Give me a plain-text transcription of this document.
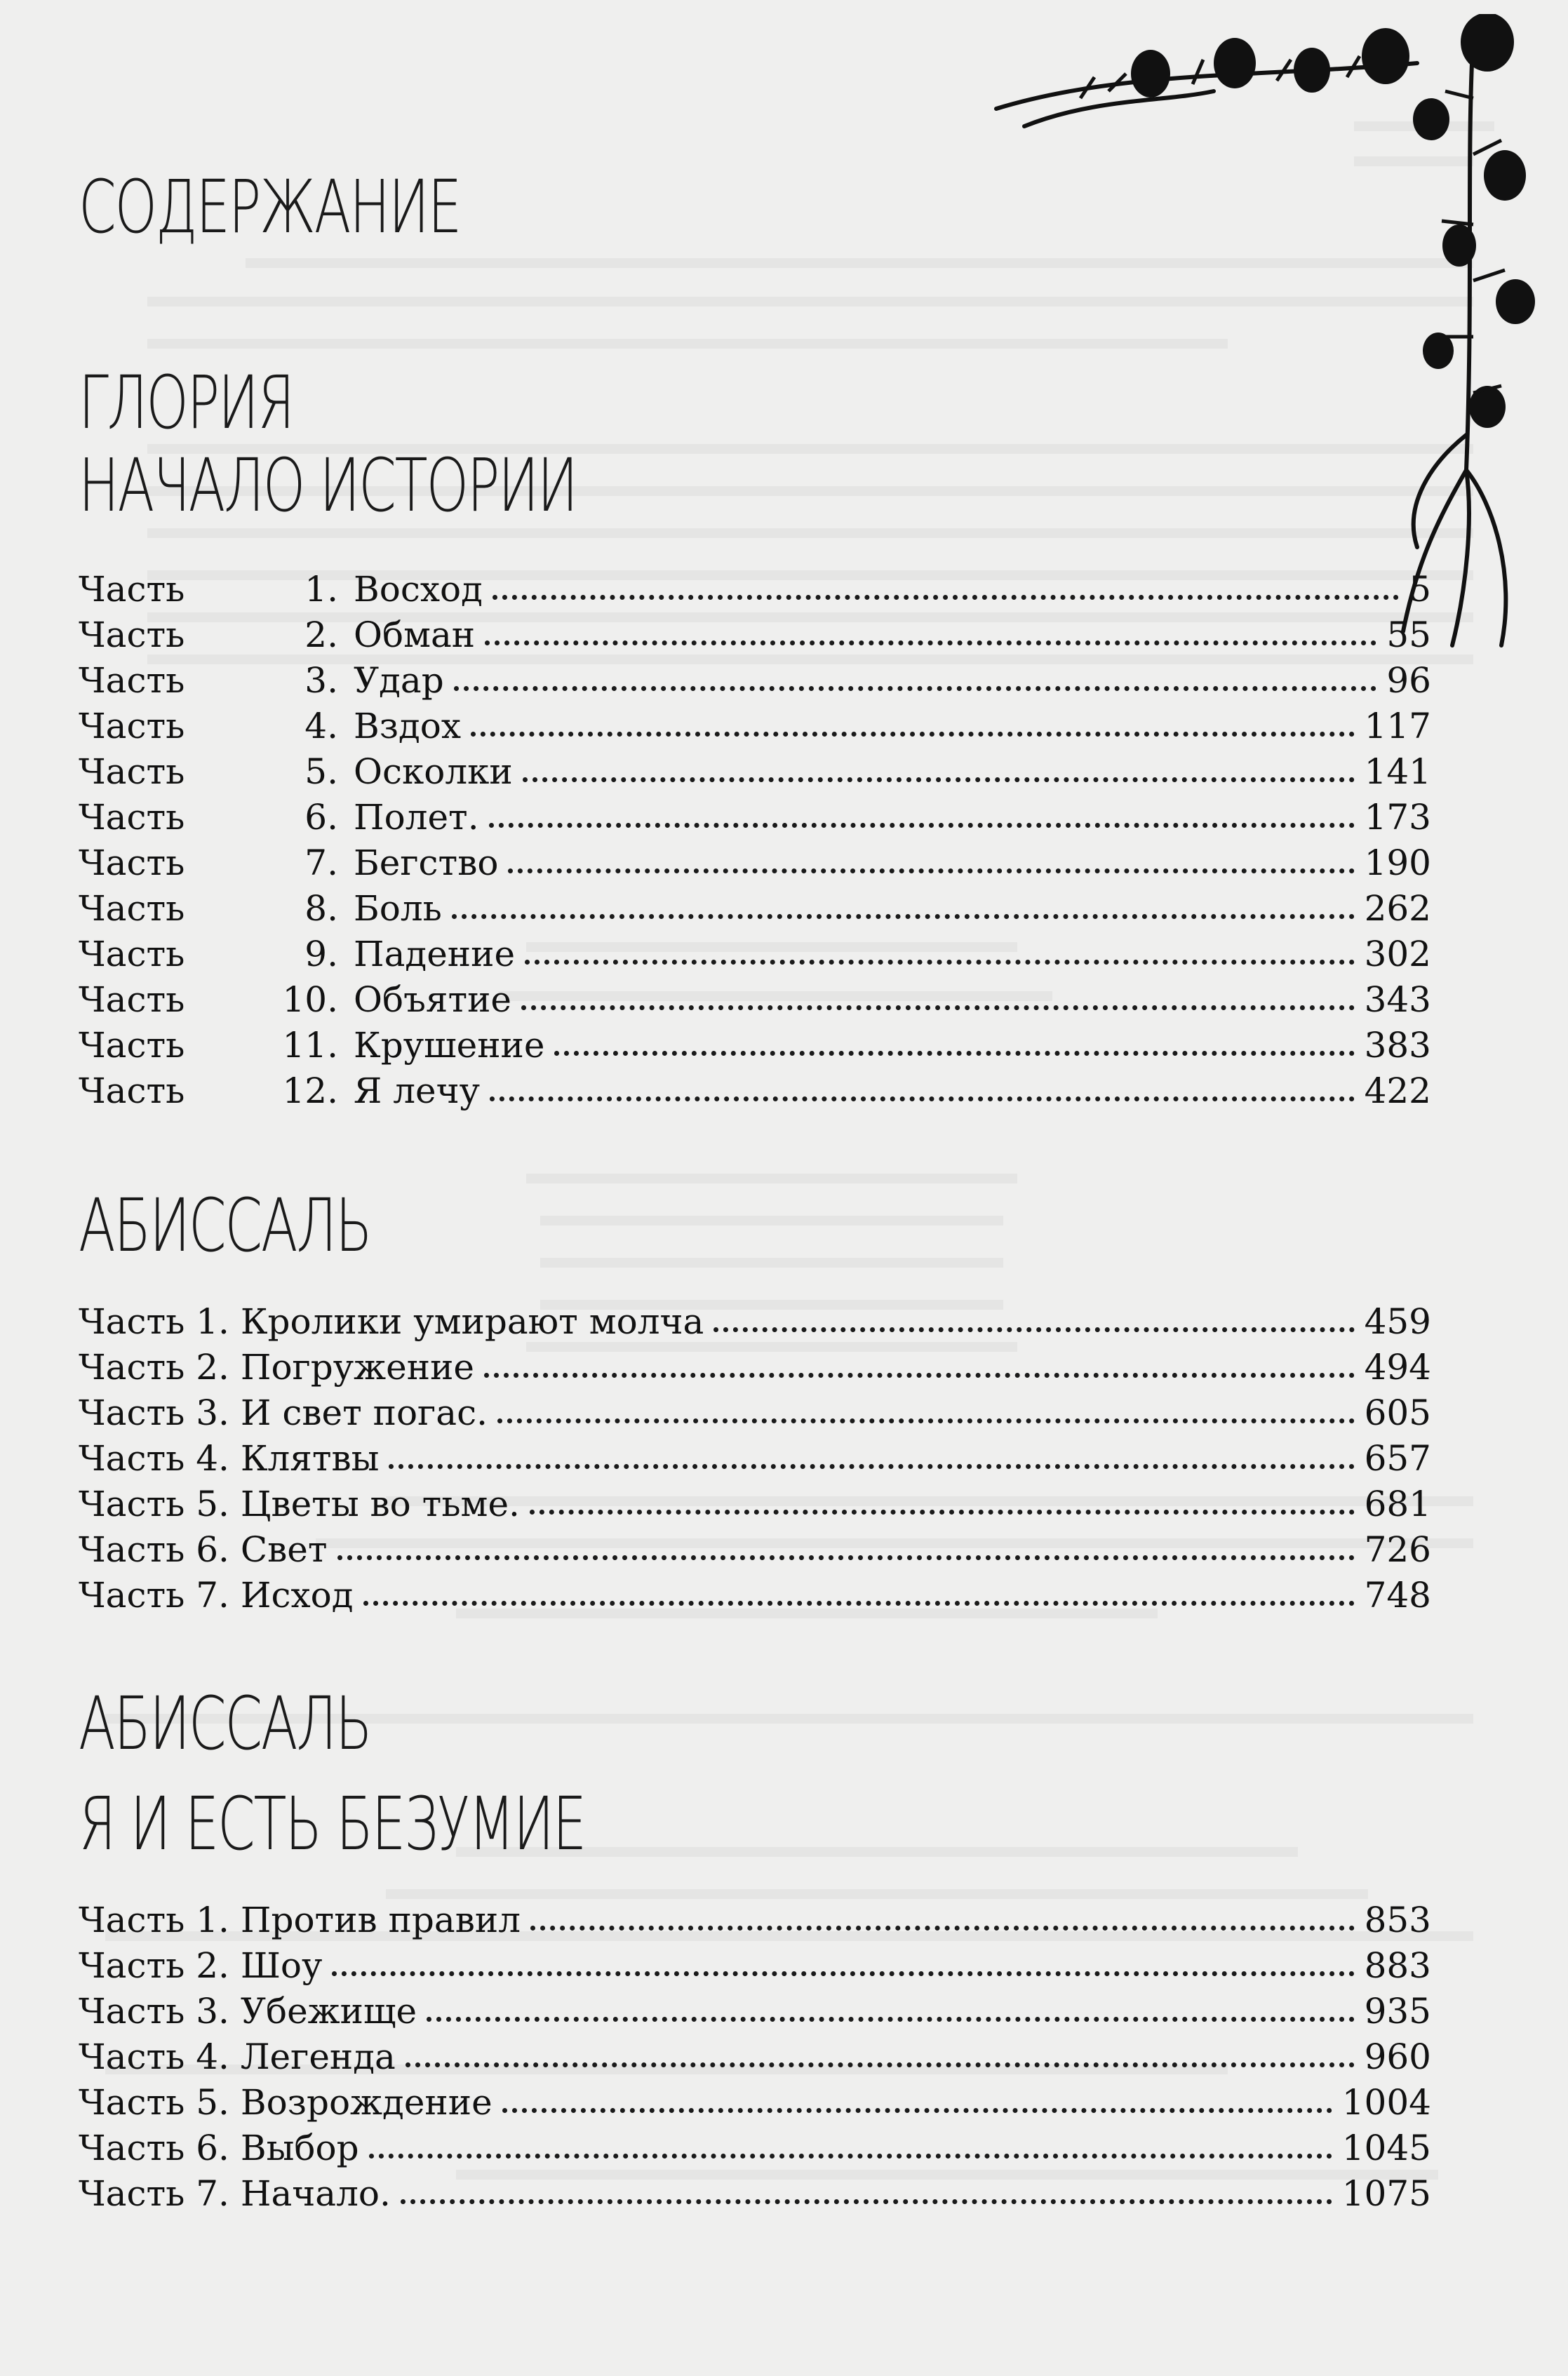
СОДЕРЖАНИЕ
ГЛОРИЯ
НАЧАЛО ИСТОРИИ
Часть	1. Восход	5
Часть	2. Обман	55
Часть	3. Удар	96
Часть	4. Вздох	117
Часть	5. Осколки	141
Часть	6. Полет.	173
Часть	7. Бегство	190
Часть	8. Боль	262
Часть	9. Падение	302
Часть	10. Объятие	343
Часть	11. Крушение	383
Часть	12. Я лечу	422
АБИССАЛЬ
Часть 1. Кролики умирают молча	459
Часть 2. Погружение	494
Часть 3. И свет погас.	605
Часть 4. Клятвы	657
Часть 5. Цветы во тьме.	681
Часть 6. Свет	726
Часть 7. Исход	748
АБИССАЛЬ
Я И ЕСТЬ БЕЗУМИЕ
Часть 1. Против правил	853
Часть 2. Шоу	883
Часть 3. Убежище	935
Часть 4. Легенда	960
Часть 5. Возрождение	1004
Часть 6. Выбор	1045
Часть 7. Начало.	1075
